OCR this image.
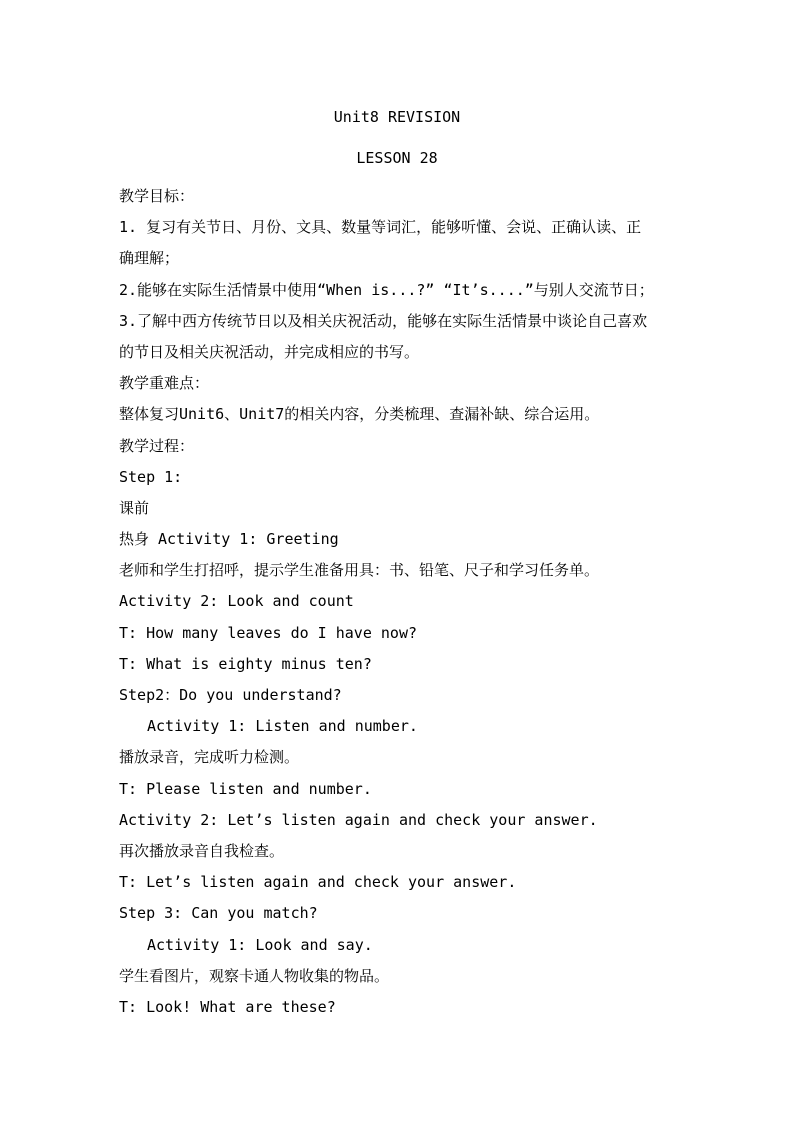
Unit8 REVISION
LESSON 28
教学目标：
1. 复习有关节日、月份、文具、数量等词汇，能够听懂、会说、正确认读、正
确理解；
2.能够在实际生活情景中使用“When is...?” “It’s....”与别人交流节日；
3.了解中西方传统节日以及相关庆祝活动，能够在实际生活情景中谈论自己喜欢
的节日及相关庆祝活动，并完成相应的书写。
教学重难点：
整体复习Unit6、Unit7的相关内容，分类梳理、查漏补缺、综合运用。
教学过程：
Step 1:
课前
热身 Activity 1: Greeting
老师和学生打招呼，提示学生准备用具：书、铅笔、尺子和学习任务单。
Activity 2: Look and count
T: How many leaves do I have now?
T: What is eighty minus ten?
Step2：Do you understand?
Activity 1: Listen and number.
播放录音，完成听力检测。
T: Please listen and number.
Activity 2: Let’s listen again and check your answer.
再次播放录音自我检查。
T: Let’s listen again and check your answer.
Step 3: Can you match?
Activity 1: Look and say.
学生看图片，观察卡通人物收集的物品。
T: Look! What are these?
